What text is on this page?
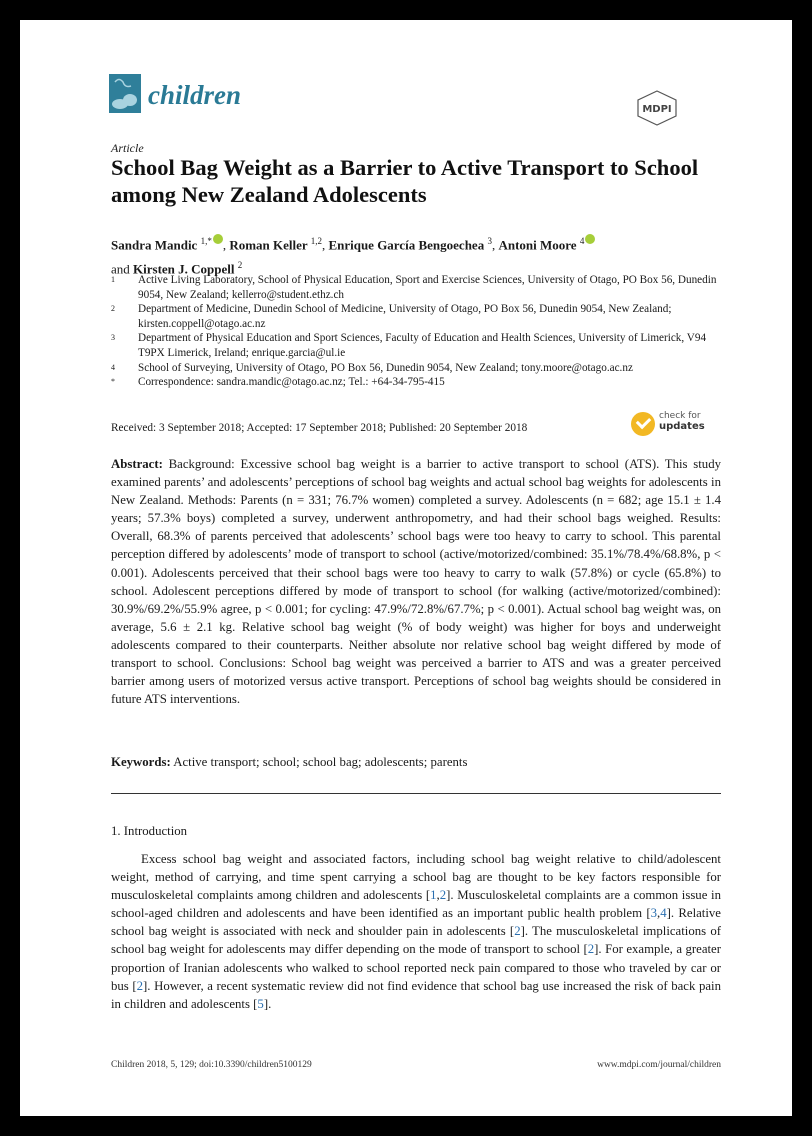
children	MDPI
Article
School Bag Weight as a Barrier to Active Transport to School among New Zealand Adolescents
Sandra Mandic $^{1,*}$ , Roman Keller $^{1,2}$, Enrique García Bengoechea $^3$, Antoni Moore $^4$
and Kirsten J. Coppell $^2$
1	Active Living Laboratory, School of Physical Education, Sport and Exercise Sciences, University of Otago, PO Box 56, Dunedin 9054, New Zealand; kellerro@student.ethz.ch
2	Department of Medicine, Dunedin School of Medicine, University of Otago, PO Box 56, Dunedin 9054, New Zealand; kirsten.coppell@otago.ac.nz
3	Department of Physical Education and Sport Sciences, Faculty of Education and Health Sciences, University of Limerick, V94 T9PX Limerick, Ireland; enrique.garcia@ul.ie
4	School of Surveying, University of Otago, PO Box 56, Dunedin 9054, New Zealand; tony.moore@otago.ac.nz
*	Correspondence: sandra.mandic@otago.ac.nz; Tel.: +64-34-795-415
Received: 3 September 2018; Accepted: 17 September 2018; Published: 20 September 2018
check for
updates
Abstract: Background: Excessive school bag weight is a barrier to active transport to school (ATS). This study examined parents’ and adolescents’ perceptions of school bag weights and actual school bag weights for adolescents in New Zealand. Methods: Parents (n = 331; 76.7% women) completed a survey. Adolescents (n = 682; age 15.1 ± 1.4 years; 57.3% boys) completed a survey, underwent anthropometry, and had their school bags weighed. Results: Overall, 68.3% of parents perceived that adolescents’ school bags were too heavy to carry to school. This parental perception differed by adolescents’ mode of transport to school (active/motorized/combined: 35.1%/78.4%/68.8%, p < 0.001). Adolescents perceived that their school bags were too heavy to carry to walk (57.8%) or cycle (65.8%) to school. Adolescent perceptions differed by mode of transport to school (for walking (active/motorized/combined): 30.9%/69.2%/55.9% agree, p < 0.001; for cycling: 47.9%/72.8%/67.7%; p < 0.001). Actual school bag weight was, on average, 5.6 ± 2.1 kg. Relative school bag weight (% of body weight) was higher for boys and underweight adolescents compared to their counterparts. Neither absolute nor relative school bag weight differed by mode of transport to school. Conclusions: School bag weight was perceived a barrier to ATS and was a greater perceived barrier among users of motorized versus active transport. Perceptions of school bag weights should be considered in future ATS interventions.
Keywords: Active transport; school; school bag; adolescents; parents
1. Introduction
Excess school bag weight and associated factors, including school bag weight relative to child/adolescent weight, method of carrying, and time spent carrying a school bag are thought to be key factors responsible for musculoskeletal complaints among children and adolescents [1,2]. Musculoskeletal complaints are a common issue in school-aged children and adolescents and have been identified as an important public health problem [3,4]. Relative school bag weight is associated with neck and shoulder pain in adolescents [2]. The musculoskeletal implications of school bag weight for adolescents may differ depending on the mode of transport to school [2]. For example, a greater proportion of Iranian adolescents who walked to school reported neck pain compared to those who traveled by car or bus [2]. However, a recent systematic review did not find evidence that school bag use increased the risk of back pain in children and adolescents [5].
Children 2018, 5, 129; doi:10.3390/children5100129	www.mdpi.com/journal/children
